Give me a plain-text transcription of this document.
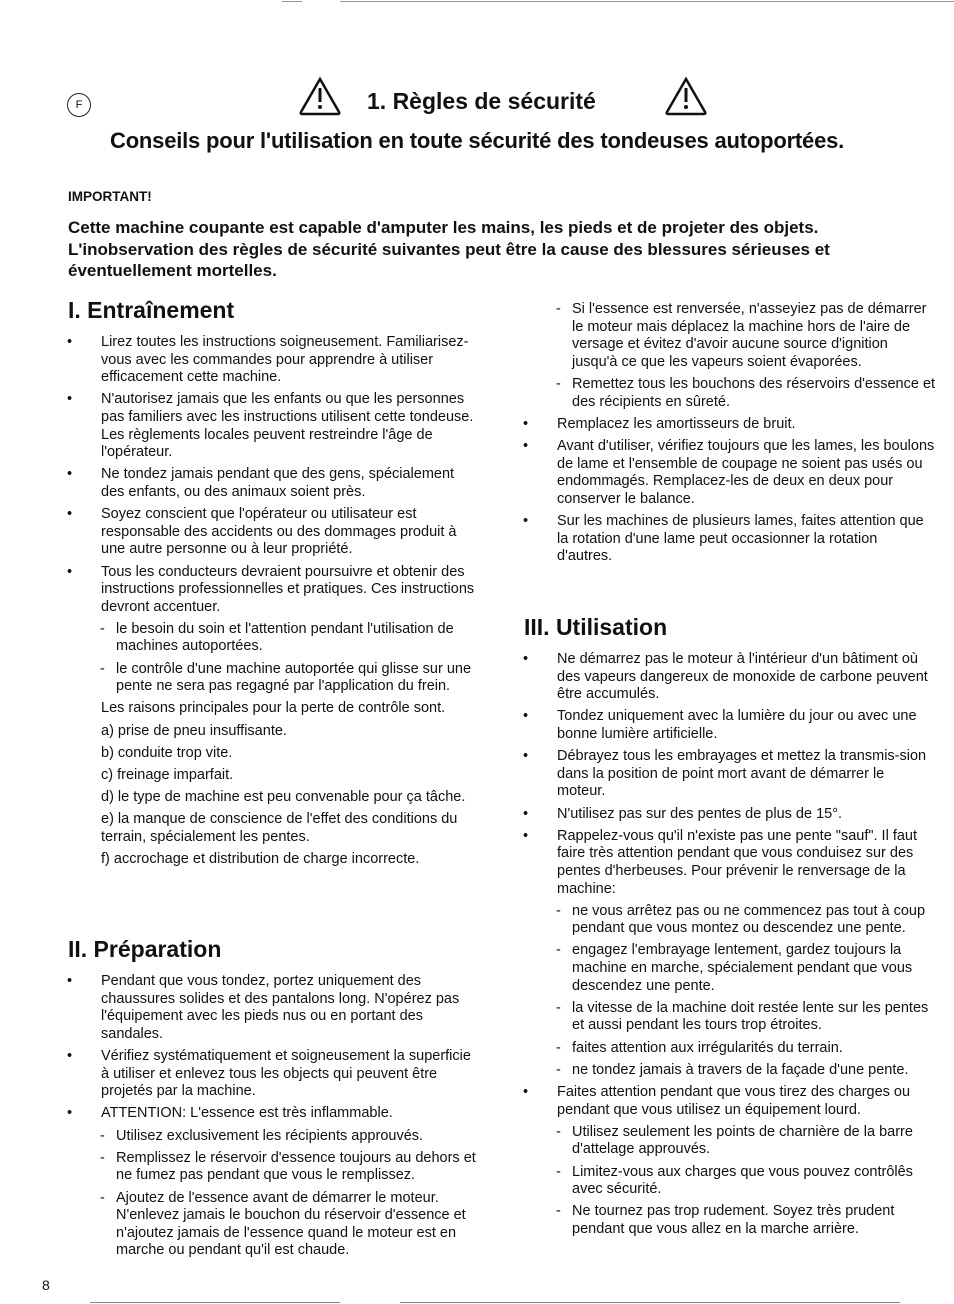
F	1. Règles de sécurité
Conseils pour l'utilisation en toute sécurité des tondeuses autoportées.
IMPORTANT!
Cette machine coupante est capable d'amputer les mains, les pieds et de projeter des objets. L'inobservation des règles de sécurité suivantes peut être la cause des blessures sérieuses et éventuellement mortelles.
I. Entraînement
• Lirez toutes les instructions soigneusement. Familiarisez-vous avec les commandes pour apprendre à utiliser efficacement cette machine.
• N'autorisez jamais que les enfants ou que les personnes pas familiers avec les instructions utilisent cette tondeuse. Les règlements locales peuvent restreindre l'âge de l'opérateur.
• Ne tondez jamais pendant que des gens, spécialement des enfants, ou des animaux soient près.
• Soyez conscient que l'opérateur ou utilisateur est responsable des accidents ou des dommages produit à une autre personne ou à leur propriété.
• Tous les conducteurs devraient poursuivre et obtenir des instructions professionnelles et pratiques. Ces instructions devront accentuer.
- le besoin du soin et l'attention pendant l'utilisation de machines autoportées.
- le contrôle d'une machine autoportée qui glisse sur une pente ne sera pas regagné par l'application du frein.
Les raisons principales pour la perte de contrôle sont.
a) prise de pneu insuffisante.
b) conduite trop vite.
c) freinage imparfait.
d) le type de machine est peu convenable pour ça tâche.
e) la manque de conscience de l'effet des conditions du terrain, spécialement les pentes.
f) accrochage et distribution de charge incorrecte.
II. Préparation
• Pendant que vous tondez, portez uniquement des chaussures solides et des pantalons long. N'opérez pas l'équipement avec les pieds nus ou en portant des sandales.
• Vérifiez systématiquement et soigneusement la superficie à utiliser et enlevez tous les objects qui peuvent être projetés par la machine.
• ATTENTION: L'essence est très inflammable.
- Utilisez exclusivement les récipients approuvés.
- Remplissez le réservoir d'essence toujours au dehors et ne fumez pas pendant que vous le remplissez.
- Ajoutez de l'essence avant de démarrer le moteur. N'enlevez jamais le bouchon du réservoir d'essence et n'ajoutez jamais de l'essence quand le moteur est en marche ou pendant qu'il est chaude.
- Si l'essence est renversée, n'asseyiez pas de démarrer le moteur mais déplacez la machine hors de l'aire de versage et évitez d'avoir aucune source d'ignition jusqu'à ce que les vapeurs soient évaporées.
- Remettez tous les bouchons des réservoirs d'essence et des récipients en sûreté.
• Remplacez les amortisseurs de bruit.
• Avant d'utiliser, vérifiez toujours que les lames, les boulons de lame et l'ensemble de coupage ne soient pas usés ou endommagés. Remplacez-les de deux en deux pour conserver le balance.
• Sur les machines de plusieurs lames, faites attention que la rotation d'une lame peut occasionner la rotation d'autres.
III. Utilisation
• Ne démarrez pas le moteur à l'intérieur d'un bâtiment où des vapeurs dangereux de monoxide de carbone peuvent être accumulés.
• Tondez uniquement avec la lumière du jour ou avec une bonne lumière artificielle.
• Débrayez tous les embrayages et mettez la transmis-sion dans la position de point mort avant de démarrer le moteur.
• N'utilisez pas sur des pentes de plus de 15°.
• Rappelez-vous qu'il n'existe pas une pente "sauf". Il faut faire très attention pendant que vous conduisez sur des pentes d'herbeuses. Pour prévenir le renversage de la machine:
- ne vous arrêtez pas ou ne commencez pas tout à coup pendant que vous montez ou descendez une pente.
- engagez l'embrayage lentement, gardez toujours la machine en marche, spécialement pendant que vous descendez une pente.
- la vitesse de la machine doit restée lente sur les pentes et aussi pendant les tours trop étroites.
- faites attention aux irrégularités du terrain.
- ne tondez jamais à travers de la façade d'une pente.
• Faites attention pendant que vous tirez des charges ou pendant que vous utilisez un équipement lourd.
- Utilisez seulement les points de charnière de la barre d'attelage approuvés.
- Limitez-vous aux charges que vous pouvez contrôlês avec sécurité.
- Ne tournez pas trop rudement. Soyez très prudent pendant que vous allez en la marche arrière.
8
